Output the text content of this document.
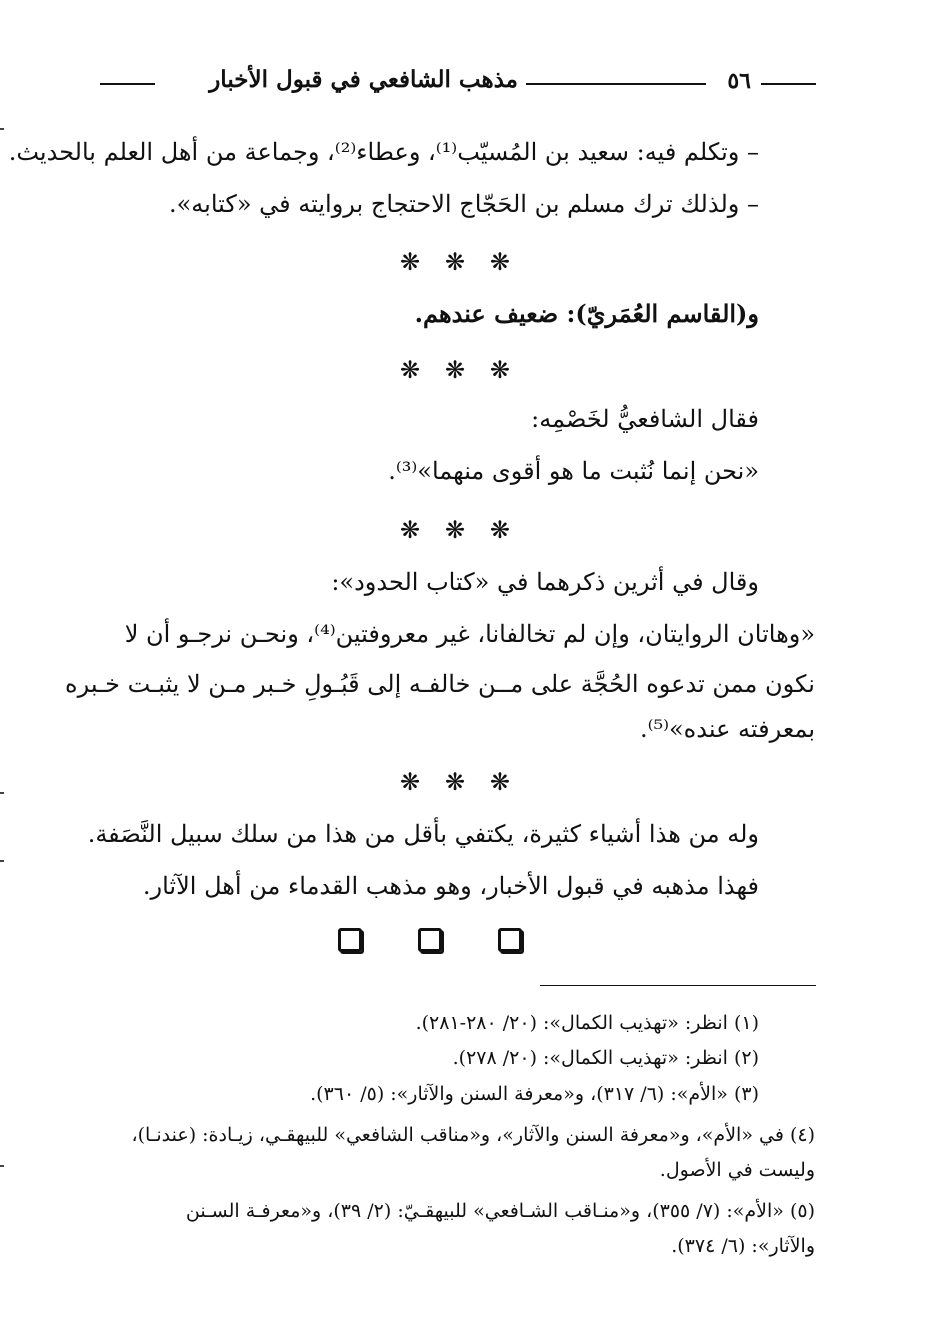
٥٦
مذهب الشافعي في قبول الأخبار
– وتكلم فيه: سعيد بن المُسيّب⁽¹⁾، وعطاء⁽²⁾، وجماعة من أهل العلم بالحديث.
– ولذلك ترك مسلم بن الحَجّاج الاحتجاج بروايته في «كتابه».
❋ ❋ ❋
و(القاسم العُمَريّ): ضعيف عندهم.
❋ ❋ ❋
فقال الشافعيُّ لخَصْمِه:
«نحن إنما نُثبت ما هو أقوى منهما»⁽³⁾.
❋ ❋ ❋
وقال في أثرين ذكرهما في «كتاب الحدود»:
«وهاتان الروايتان، وإن لم تخالفانا، غير معروفتين⁽⁴⁾، ونحـن نرجـو أن لا
نكون ممن تدعوه الحُجَّة على مــن خالفـه إلى قَبُـولِ خـبر مـن لا يثبـت خـبره
بمعرفته عنده»⁽⁵⁾.
❋ ❋ ❋
وله من هذا أشياء كثيرة، يكتفي بأقل من هذا من سلك سبيل النَّصَفة.
فهذا مذهبه في قبول الأخبار، وهو مذهب القدماء من أهل الآثار.
(١) انظر: «تهذيب الكمال»: (٢٠/ ٢٨٠-٢٨١).
(٢) انظر: «تهذيب الكمال»: (٢٠/ ٢٧٨).
(٣) «الأم»: (٦/ ٣١٧)، و«معرفة السنن والآثار»: (٥/ ٣٦٠).
(٤) في «الأم»، و«معرفة السنن والآثار»، و«مناقب الشافعي» للبيهقـي، زيـادة: (عندنـا)،
وليست في الأصول.
(٥) «الأم»: (٧/ ٣٥٥)، و«منـاقب الشـافعي» للبيهقـيّ: (٢/ ٣٩)، و«معرفـة السـنن
والآثار»: (٦/ ٣٧٤).
